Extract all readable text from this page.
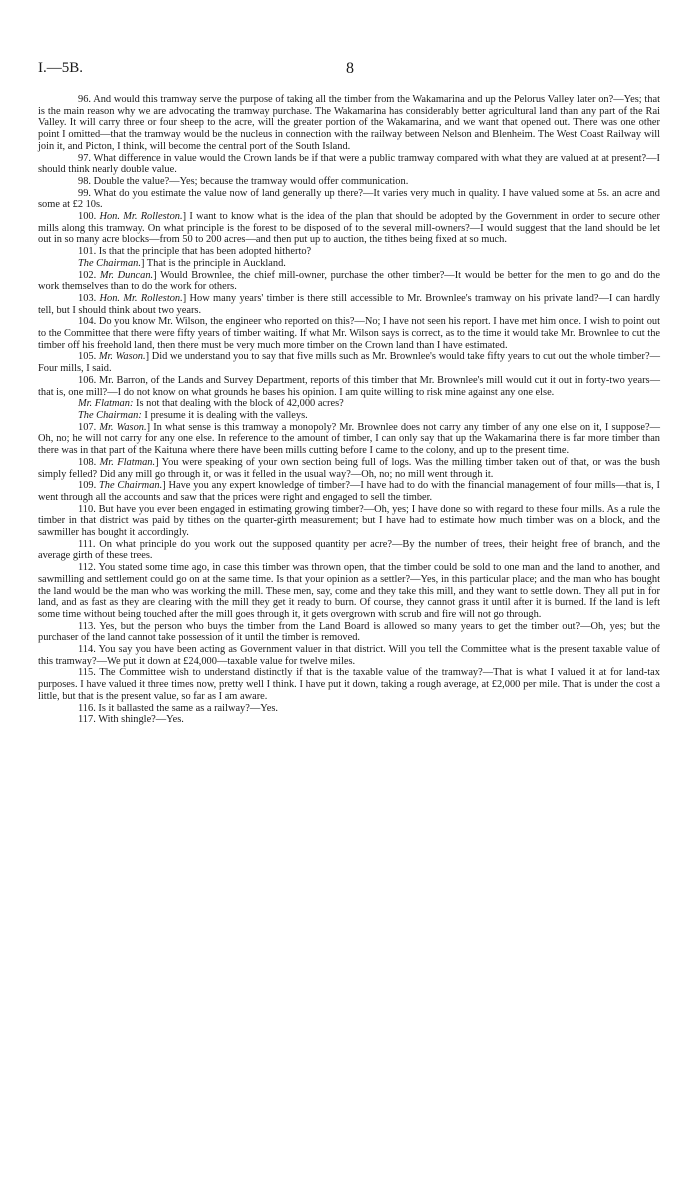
I.—5B.	8

96. And would this tramway serve the purpose of taking all the timber from the Wakamarina and up the Pelorus Valley later on?—Yes; that is the main reason why we are advocating the tramway purchase. The Wakamarina has considerably better agricultural land than any part of the Rai Valley. It will carry three or four sheep to the acre, will the greater portion of the Wakamarina, and we want that opened out. There was one other point I omitted—that the tramway would be the nucleus in connection with the railway between Nelson and Blenheim. The West Coast Railway will join it, and Picton, I think, will become the central port of the South Island.

97. What difference in value would the Crown lands be if that were a public tramway compared with what they are valued at at present?—I should think nearly double value.

98. Double the value?—Yes; because the tramway would offer communication.

99. What do you estimate the value now of land generally up there?—It varies very much in quality. I have valued some at 5s. an acre and some at £2 10s.

100. Hon. Mr. Rolleston.] I want to know what is the idea of the plan that should be adopted by the Government in order to secure other mills along this tramway. On what principle is the forest to be disposed of to the several mill-owners?—I would suggest that the land should be let out in so many acre blocks—from 50 to 200 acres—and then put up to auction, the tithes being fixed at so much.

101. Is that the principle that has been adopted hitherto?

The Chairman.] That is the principle in Auckland.

102. Mr. Duncan.] Would Brownlee, the chief mill-owner, purchase the other timber?—It would be better for the men to go and do the work themselves than to do the work for others.

103. Hon. Mr. Rolleston.] How many years' timber is there still accessible to Mr. Brownlee's tramway on his private land?—I can hardly tell, but I should think about two years.

104. Do you know Mr. Wilson, the engineer who reported on this?—No; I have not seen his report. I have met him once. I wish to point out to the Committee that there were fifty years of timber waiting. If what Mr. Wilson says is correct, as to the time it would take Mr. Brownlee to cut the timber off his freehold land, then there must be very much more timber on the Crown land than I have estimated.

105. Mr. Wason.] Did we understand you to say that five mills such as Mr. Brownlee's would take fifty years to cut out the whole timber?—Four mills, I said.

106. Mr. Barron, of the Lands and Survey Department, reports of this timber that Mr. Brownlee's mill would cut it out in forty-two years—that is, one mill?—I do not know on what grounds he bases his opinion. I am quite willing to risk mine against any one else.

Mr. Flatman: Is not that dealing with the block of 42,000 acres?

The Chairman: I presume it is dealing with the valleys.

107. Mr. Wason.] In what sense is this tramway a monopoly? Mr. Brownlee does not carry any timber of any one else on it, I suppose?—Oh, no; he will not carry for any one else. In reference to the amount of timber, I can only say that up the Wakamarina there is far more timber than there was in that part of the Kaituna where there have been mills cutting before I came to the colony, and up to the present time.

108. Mr. Flatman.] You were speaking of your own section being full of logs. Was the milling timber taken out of that, or was the bush simply felled? Did any mill go through it, or was it felled in the usual way?—Oh, no; no mill went through it.

109. The Chairman.] Have you any expert knowledge of timber?—I have had to do with the financial management of four mills—that is, I went through all the accounts and saw that the prices were right and engaged to sell the timber.

110. But have you ever been engaged in estimating growing timber?—Oh, yes; I have done so with regard to these four mills. As a rule the timber in that district was paid by tithes on the quarter-girth measurement; but I have had to estimate how much timber was on a block, and the sawmiller has bought it accordingly.

111. On what principle do you work out the supposed quantity per acre?—By the number of trees, their height free of branch, and the average girth of these trees.

112. You stated some time ago, in case this timber was thrown open, that the timber could be sold to one man and the land to another, and sawmilling and settlement could go on at the same time. Is that your opinion as a settler?—Yes, in this particular place; and the man who has bought the land would be the man who was working the mill. These men, say, come and they take this mill, and they want to settle down. They all put in for land, and as fast as they are clearing with the mill they get it ready to burn. Of course, they cannot grass it until after it is burned. If the land is left some time without being touched after the mill goes through it, it gets overgrown with scrub and fire will not go through.

113. Yes, but the person who buys the timber from the Land Board is allowed so many years to get the timber out?—Oh, yes; but the purchaser of the land cannot take possession of it until the timber is removed.

114. You say you have been acting as Government valuer in that district. Will you tell the Committee what is the present taxable value of this tramway?—We put it down at £24,000—taxable value for twelve miles.

115. The Committee wish to understand distinctly if that is the taxable value of the tramway?—That is what I valued it at for land-tax purposes. I have valued it three times now, pretty well I think. I have put it down, taking a rough average, at £2,000 per mile. That is under the cost a little, but that is the present value, so far as I am aware.

116. Is it ballasted the same as a railway?—Yes.

117. With shingle?—Yes.
